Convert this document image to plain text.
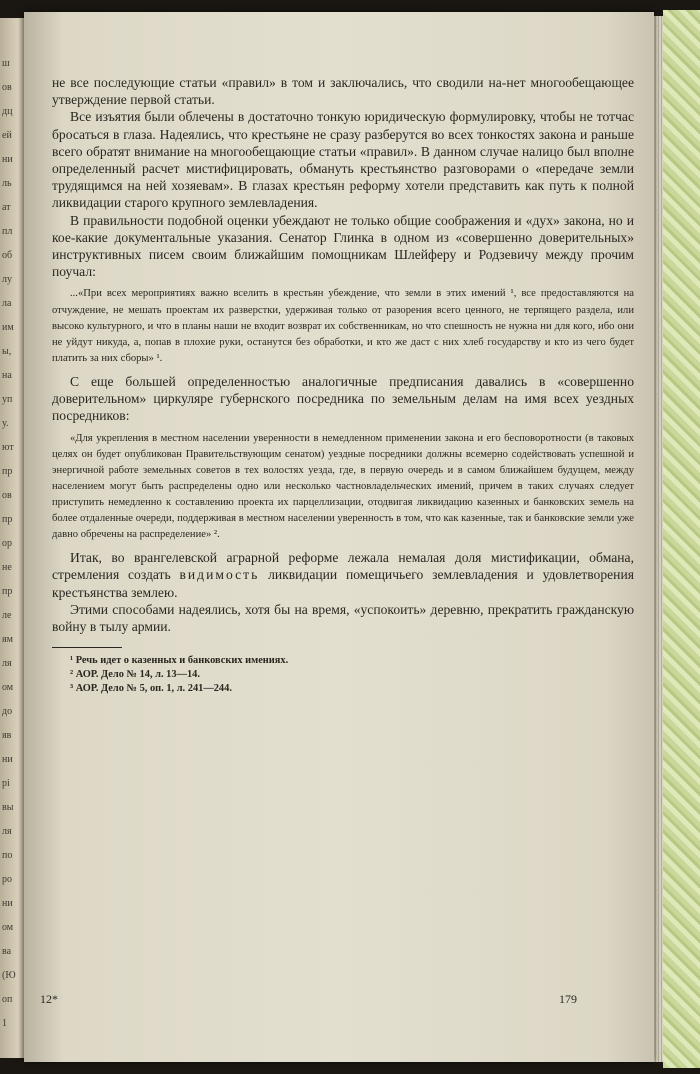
ш
ов
дц
ей
ни
ль
ат
пл
об
лу
ла
им
ы,
на
уп
у.
ют
пр
ов
пр
ор
не
пр
ле
ям
ля
ом
до
яв
ни
рі
вы
ля
по
ро
ни
ом
ва
(Ю
оп
1

не все последующие статьи «правил» в том и заключались, что сводили на-нет многообещающее утверждение первой статьи.

Все изъятия были облечены в достаточно тонкую юридическую формулировку, чтобы не тотчас бросаться в глаза. Надеялись, что крестьяне не сразу разберутся во всех тонкостях закона и раньше всего обратят внимание на многообещающие статьи «правил». В данном случае налицо был вполне определенный расчет мистифицировать, обмануть крестьянство разговорами о «передаче земли трудящимся на ней хозяевам». В глазах крестьян реформу хотели представить как путь к полной ликвидации старого крупного землевладения.

В правильности подобной оценки убеждают не только общие соображения и «дух» закона, но и кое-какие документальные указания. Сенатор Глинка в одном из «совершенно доверительных» инструктивных писем своим ближайшим помощникам Шлейферу и Родзевичу между прочим поучал:

...«При всех мероприятиях важно вселить в крестьян убеждение, что земли в этих имений ¹, все предоставляются на отчуждение, не мешать проектам их разверстки, удерживая только от разорения всего ценного, не терпящего раздела, или высоко культурного, и что в планы наши не входит возврат их собственникам, но что спешность не нужна ни для кого, ибо они не уйдут никуда, а, попав в плохие руки, останутся без обработки, и кто же даст с них хлеб государству и кто из чего будет платить за них сборы» ¹.

С еще большей определенностью аналогичные предписания давались в «совершенно доверительном» циркуляре губернского посредника по земельным делам на имя всех уездных посредников:

«Для укрепления в местном населении уверенности в немедленном применении закона и его бесповоротности (в таковых целях он будет опубликован Правительствующим сенатом) уездные посредники должны всемерно содействовать успешной и энергичной работе земельных советов в тех волостях уезда, где, в первую очередь и в самом ближайшем будущем, между населением могут быть распределены одно или несколько частновладельческих имений, причем в таких случаях следует приступить немедленно к составлению проекта их парцеллизации, отодвигая ликвидацию казенных и банковских земель на более отдаленные очереди, поддерживая в местном населении уверенность в том, что как казенные, так и банковские земли уже давно обречены на распределение» ².

Итак, во врангелевской аграрной реформе лежала немалая доля мистификации, обмана, стремления создать видимость ликвидации помещичьего землевладения и удовлетворения крестьянства землею.

Этими способами надеялись, хотя бы на время, «успокоить» деревню, прекратить гражданскую войну в тылу армии.

¹ Речь идет о казенных и банковских имениях.

² АОР. Дело № 14, л. 13—14.

³ АОР. Дело № 5, оп. 1, л. 241—244.

12*	179
